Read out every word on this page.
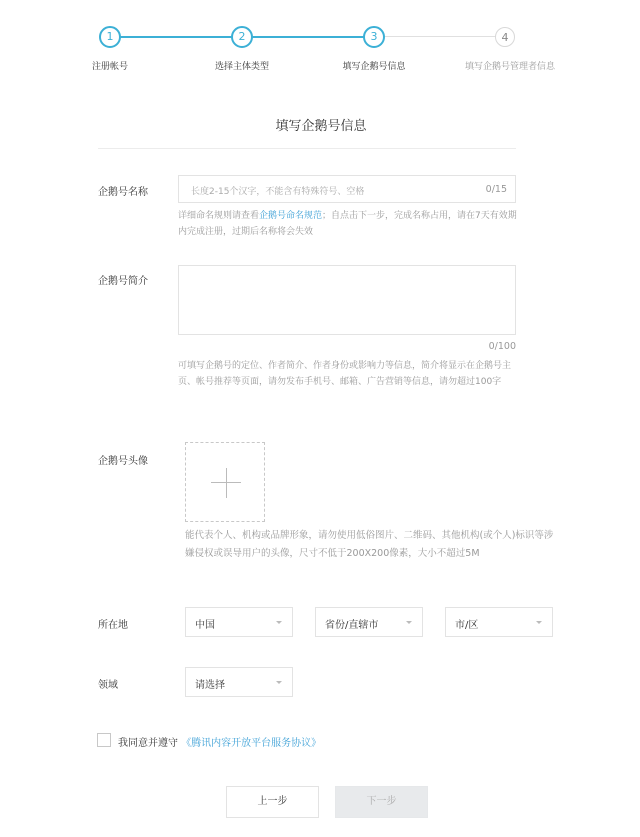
1	2	3	4
注册帐号	选择主体类型	填写企鹅号信息	填写企鹅号管理者信息
填写企鹅号信息
企鹅号名称	长度2-15个汉字，不能含有特殊符号、空格	0/15
详细命名规则请查看企鹅号命名规范；自点击下一步，完成名称占用，请在7天有效期内完成注册，过期后名称将会失效
企鹅号简介
0/100
可填写企鹅号的定位、作者简介、作者身份或影响力等信息，简介将显示在企鹅号主页、帐号推荐等页面，请勿发布手机号、邮箱、广告营销等信息，请勿超过100字
企鹅号头像
能代表个人、机构或品牌形象，请勿使用低俗图片、二维码、其他机构(或个人)标识等涉嫌侵权或误导用户的头像，尺寸不低于200X200像素，大小不超过5M
所在地	中国	省份/直辖市	市/区
领域	请选择
我同意并遵守 《腾讯内容开放平台服务协议》
上一步	下一步
